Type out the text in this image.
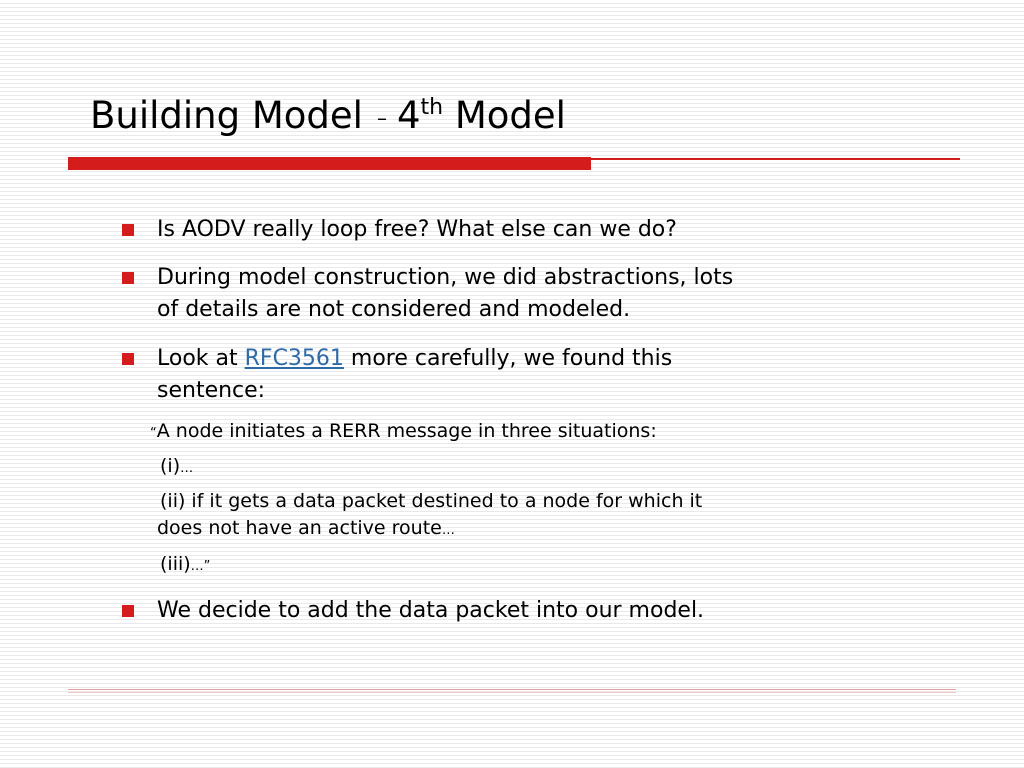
Building Model – 4th Model
Is AODV really loop free? What else can we do?
During model construction, we did abstractions, lots
of details are not considered and modeled.
Look at RFC3561 more carefully, we found this
sentence:
“A node initiates a RERR message in three situations:
(i)…
(ii) if it gets a data packet destined to a node for which it
does not have an active route…
(iii)…”
We decide to add the data packet into our model.
